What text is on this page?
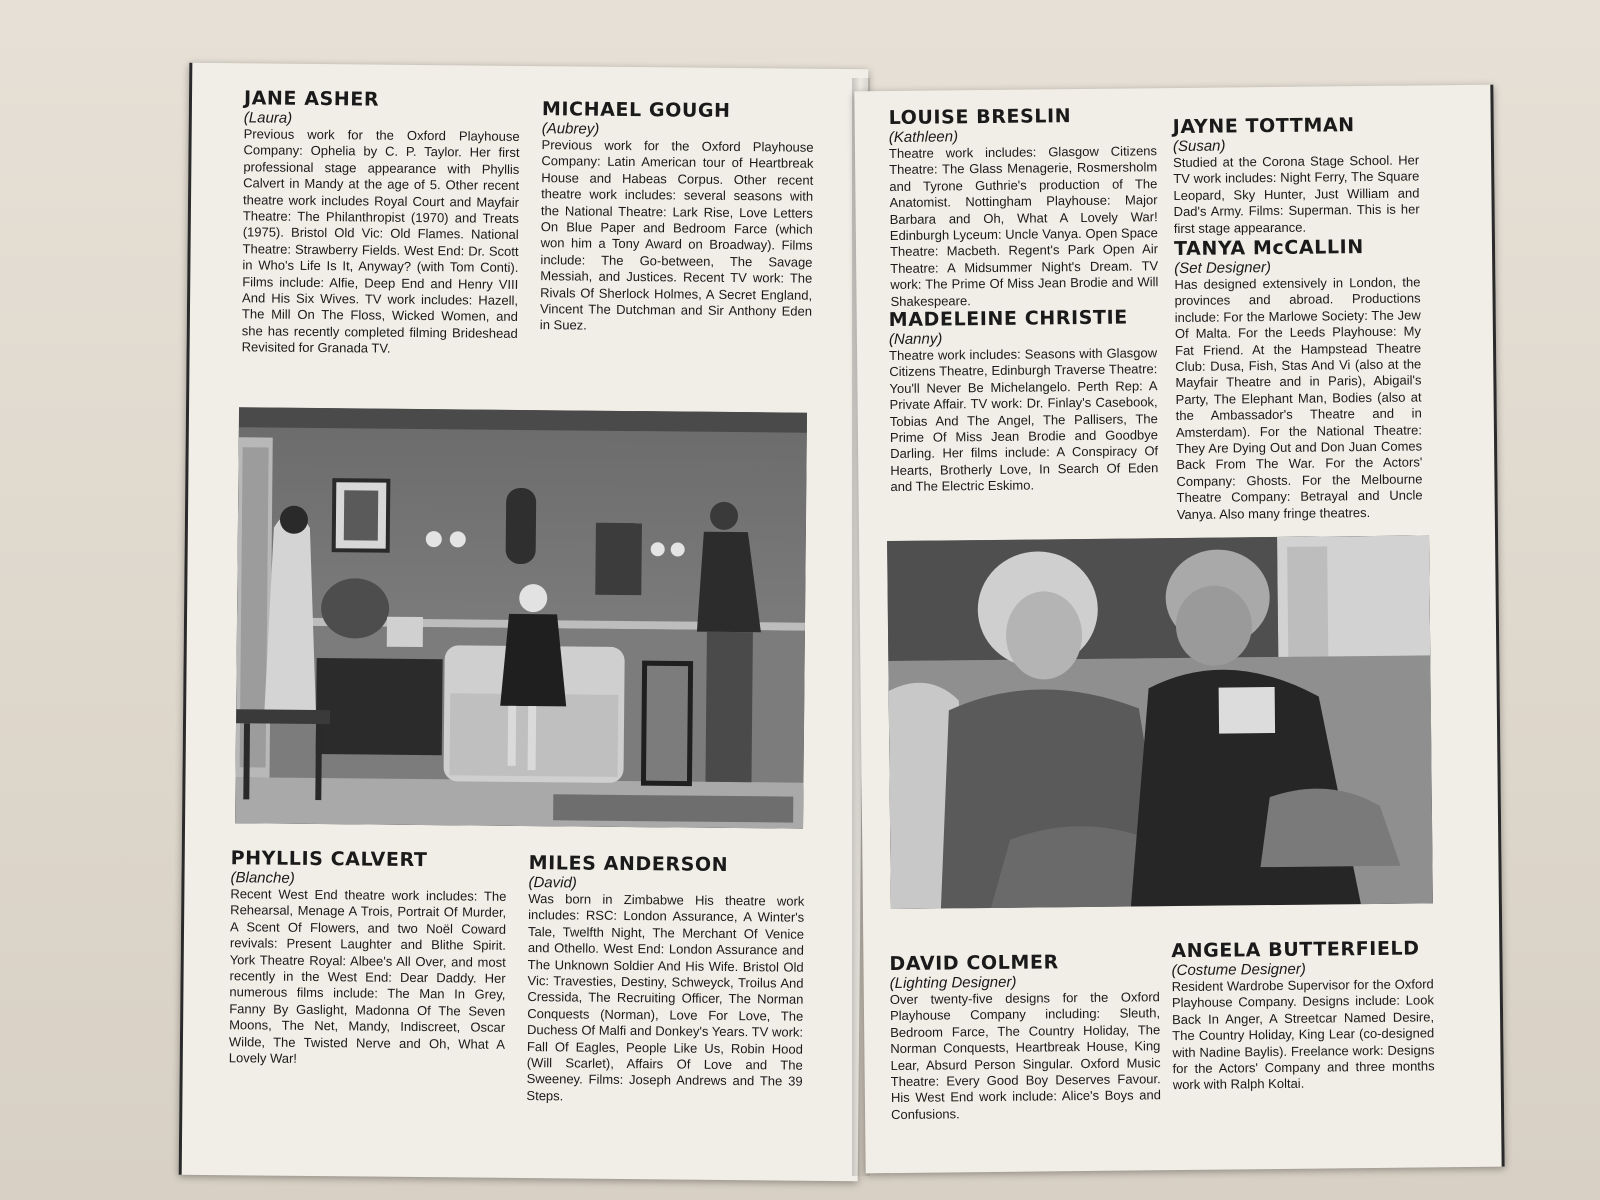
JANE ASHER

(Laura)

Previous work for the Oxford Playhouse Company: Ophelia by C. P. Taylor. Her first professional stage appearance with Phyllis Calvert in Mandy at the age of 5. Other recent theatre work includes Royal Court and Mayfair Theatre: The Philanthropist (1970) and Treats (1975). Bristol Old Vic: Old Flames. National Theatre: Strawberry Fields. West End: Dr. Scott in Who's Life Is It, Anyway? (with Tom Conti). Films include: Alfie, Deep End and Henry VIII And His Six Wives. TV work includes: Hazell, The Mill On The Floss, Wicked Women, and she has recently completed filming Brideshead Revisited for Granada TV.

MICHAEL GOUGH

(Aubrey)

Previous work for the Oxford Playhouse Company: Latin American tour of Heartbreak House and Habeas Corpus. Other recent theatre work includes: several seasons with the National Theatre: Lark Rise, Love Letters On Blue Paper and Bedroom Farce (which won him a Tony Award on Broadway). Films include: The Go-between, The Savage Messiah, and Justices. Recent TV work: The Rivals Of Sherlock Holmes, A Secret England, Vincent The Dutchman and Sir Anthony Eden in Suez.

PHYLLIS CALVERT

(Blanche)

Recent West End theatre work includes: The Rehearsal, Menage A Trois, Portrait Of Murder, A Scent Of Flowers, and two Noël Coward revivals: Present Laughter and Blithe Spirit. York Theatre Royal: Albee's All Over, and most recently in the West End: Dear Daddy. Her numerous films include: The Man In Grey, Fanny By Gaslight, Madonna Of The Seven Moons, The Net, Mandy, Indiscreet, Oscar Wilde, The Twisted Nerve and Oh, What A Lovely War!

MILES ANDERSON

(David)

Was born in Zimbabwe His theatre work includes: RSC: London Assurance, A Winter's Tale, Twelfth Night, The Merchant Of Venice and Othello. West End: London Assurance and The Unknown Soldier And His Wife. Bristol Old Vic: Travesties, Destiny, Schweyck, Troilus And Cressida, The Recruiting Officer, The Norman Conquests (Norman), Love For Love, The Duchess Of Malfi and Donkey's Years. TV work: Fall Of Eagles, People Like Us, Robin Hood (Will Scarlet), Affairs Of Love and The Sweeney. Films: Joseph Andrews and The 39 Steps.

LOUISE BRESLIN

(Kathleen)

Theatre work includes: Glasgow Citizens Theatre: The Glass Menagerie, Rosmersholm and Tyrone Guthrie's production of The Anatomist. Nottingham Playhouse: Major Barbara and Oh, What A Lovely War! Edinburgh Lyceum: Uncle Vanya. Open Space Theatre: Macbeth. Regent's Park Open Air Theatre: A Midsummer Night's Dream. TV work: The Prime Of Miss Jean Brodie and Will Shakespeare.

JAYNE TOTTMAN

(Susan)

Studied at the Corona Stage School. Her TV work includes: Night Ferry, The Square Leopard, Sky Hunter, Just William and Dad's Army. Films: Superman. This is her first stage appearance.

TANYA McCALLIN

(Set Designer)

Has designed extensively in London, the provinces and abroad. Productions include: For the Marlowe Society: The Jew Of Malta. For the Leeds Playhouse: My Fat Friend. At the Hampstead Theatre Club: Dusa, Fish, Stas And Vi (also at the Mayfair Theatre and in Paris), Abigail's Party, The Elephant Man, Bodies (also at the Ambassador's Theatre and in Amsterdam). For the National Theatre: They Are Dying Out and Don Juan Comes Back From The War. For the Actors' Company: Ghosts. For the Melbourne Theatre Company: Betrayal and Uncle Vanya. Also many fringe theatres.

MADELEINE CHRISTIE

(Nanny)

Theatre work includes: Seasons with Glasgow Citizens Theatre, Edinburgh Traverse Theatre: You'll Never Be Michelangelo. Perth Rep: A Private Affair. TV work: Dr. Finlay's Casebook, Tobias And The Angel, The Pallisers, The Prime Of Miss Jean Brodie and Goodbye Darling. Her films include: A Conspiracy Of Hearts, Brotherly Love, In Search Of Eden and The Electric Eskimo.

DAVID COLMER

(Lighting Designer)

Over twenty-five designs for the Oxford Playhouse Company including: Sleuth, Bedroom Farce, The Country Holiday, The Norman Conquests, Heartbreak House, King Lear, Absurd Person Singular. Oxford Music Theatre: Every Good Boy Deserves Favour. His West End work include: Alice's Boys and Confusions.

ANGELA BUTTERFIELD

(Costume Designer)

Resident Wardrobe Supervisor for the Oxford Playhouse Company. Designs include: Look Back In Anger, A Streetcar Named Desire, The Country Holiday, King Lear (co-designed with Nadine Baylis). Freelance work: Designs for the Actors' Company and three months work with Ralph Koltai.
